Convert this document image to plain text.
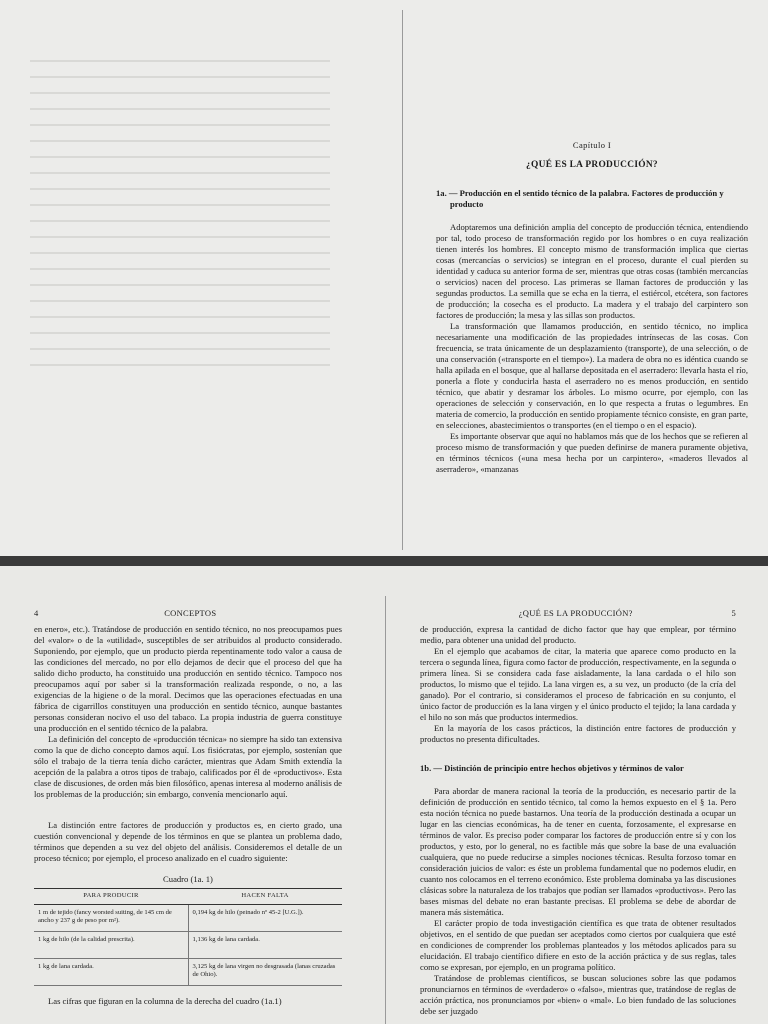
Capítulo I
¿QUÉ ES LA PRODUCCIÓN?
1a. — Producción en el sentido técnico de la palabra. Factores de producción y producto

Adoptaremos una definición amplia del concepto de producción técnica, entendiendo por tal, todo proceso de transformación regido por los hombres o en cuya realización tienen interés los hombres. El concepto mismo de transformación implica que ciertas cosas (mercancías o servicios) se integran en el proceso, durante el cual pierden su identidad y caduca su anterior forma de ser, mientras que otras cosas (también mercancías o servicios) nacen del proceso. Las primeras se llaman factores de producción y las segundas productos. La semilla que se echa en la tierra, el estiércol, etcétera, son factores de producción; la cosecha es el producto. La madera y el trabajo del carpintero son factores de producción; la mesa y las sillas son productos.

La transformación que llamamos producción, en sentido técnico, no implica necesariamente una modificación de las propiedades intrínsecas de las cosas. Con frecuencia, se trata únicamente de un desplazamiento (transporte), de una selección, o de una conservación («transporte en el tiempo»). La madera de obra no es idéntica cuando se halla apilada en el bosque, que al hallarse depositada en el aserradero: llevarla hasta el río, ponerla a flote y conducirla hasta el aserradero no es menos producción, en sentido técnico, que abatir y desramar los árboles. Lo mismo ocurre, por ejemplo, con las operaciones de selección y conservación, en lo que respecta a frutas o legumbres. En materia de comercio, la producción en sentido propiamente técnico consiste, en gran parte, en selecciones, abastecimientos o transportes (en el tiempo o en el espacio).

Es importante observar que aquí no hablamos más que de los hechos que se refieren al proceso mismo de transformación y que pueden definirse de manera puramente objetiva, en términos técnicos («una mesa hecha por un carpintero», «maderos llevados al aserradero», «manzanas

4	CONCEPTOS

en enero», etc.). Tratándose de producción en sentido técnico, no nos preocupamos pues del «valor» o de la «utilidad», susceptibles de ser atribuidos al producto considerado. Suponiendo, por ejemplo, que un producto pierda repentinamente todo valor a causa de las condiciones del mercado, no por ello dejamos de decir que el proceso del que ha salido dicho producto, ha constituido una producción en sentido técnico. Tampoco nos preocupamos aquí por saber si la transformación realizada responde, o no, a las exigencias de la higiene o de la moral. Decimos que las operaciones efectuadas en una fábrica de cigarrillos constituyen una producción en sentido técnico, aunque bastantes personas consideran nocivo el uso del tabaco. La propia industria de guerra constituye una producción en el sentido técnico de la palabra.

La definición del concepto de «producción técnica» no siempre ha sido tan extensiva como la que de dicho concepto damos aquí. Los fisiócratas, por ejemplo, sostenían que sólo el trabajo de la tierra tenía dicho carácter, mientras que Adam Smith extendía la acepción de la palabra a otros tipos de trabajo, calificados por él de «productivos». Esta clase de discusiones, de orden más bien filosófico, apenas interesa al moderno análisis de los problemas de la producción; sin embargo, convenía mencionarlo aquí.

La distinción entre factores de producción y productos es, en cierto grado, una cuestión convencional y depende de los términos en que se plantea un problema dado, términos que dependen a su vez del objeto del análisis. Consideremos el detalle de un proceso técnico; por ejemplo, el proceso analizado en el cuadro siguiente:

Cuadro (1a. 1)
PARA PRODUCIR	HACEN FALTA
1 m de tejido (fancy worsted suiting, de 145 cm de ancho y 237 g de peso por m²).	0,194 kg de hilo (peinado nº 45-2 [U.G.]).
1 kg de hilo (de la calidad prescrita).	1,136 kg de lana cardada.
1 kg de lana cardada.	3,125 kg de lana virgen no desgrasada (lanas cruzadas de Ohio).

Las cifras que figuran en la columna de la derecha del cuadro (1a.1)

¿QUÉ ES LA PRODUCCIÓN?	5

de producción, expresa la cantidad de dicho factor que hay que emplear, por término medio, para obtener una unidad del producto.

En el ejemplo que acabamos de citar, la materia que aparece como producto en la tercera o segunda línea, figura como factor de producción, respectivamente, en la segunda o primera línea. Si se considera cada fase aisladamente, la lana cardada o el hilo son productos, lo mismo que el tejido. La lana virgen es, a su vez, un producto (de la cría del ganado). Por el contrario, si consideramos el proceso de fabricación en su conjunto, el único factor de producción es la lana virgen y el único producto el tejido; la lana cardada y el hilo no son más que productos intermedios.

En la mayoría de los casos prácticos, la distinción entre factores de producción y productos no presenta dificultades.

1b. — Distinción de principio entre hechos objetivos y términos de valor

Para abordar de manera racional la teoría de la producción, es necesario partir de la definición de producción en sentido técnico, tal como la hemos expuesto en el § 1a. Pero esta noción técnica no puede bastarnos. Una teoría de la producción destinada a ocupar un lugar en las ciencias económicas, ha de tener en cuenta, forzosamente, el expresarse en términos de valor. Es preciso poder comparar los factores de producción entre sí y con los productos, y esto, por lo general, no es factible más que sobre la base de una evaluación cualquiera, que no puede reducirse a simples nociones técnicas. Resulta forzoso tomar en consideración juicios de valor: es éste un problema fundamental que no podemos eludir, en cuanto nos colocamos en el terreno económico. Este problema dominaba ya las discusiones clásicas sobre la naturaleza de los trabajos que podían ser llamados «productivos». Pero las bases mismas del debate no eran bastante precisas. El problema se debe de abordar de manera más sistemática.

El carácter propio de toda investigación científica es que trata de obtener resultados objetivos, en el sentido de que puedan ser aceptados como ciertos por cualquiera que esté en condiciones de comprender los problemas planteados y los métodos aplicados para su elucidación. El trabajo científico difiere en esto de la acción práctica y de sus reglas, tales como se expresan, por ejemplo, en un programa político.

Tratándose de problemas científicos, se buscan soluciones sobre las que podamos pronunciarnos en términos de «verdadero» o «falso», mientras que, tratándose de reglas de acción práctica, nos pronunciamos por «bien» o «mal». Lo bien fundado de las soluciones debe ser juzgado
